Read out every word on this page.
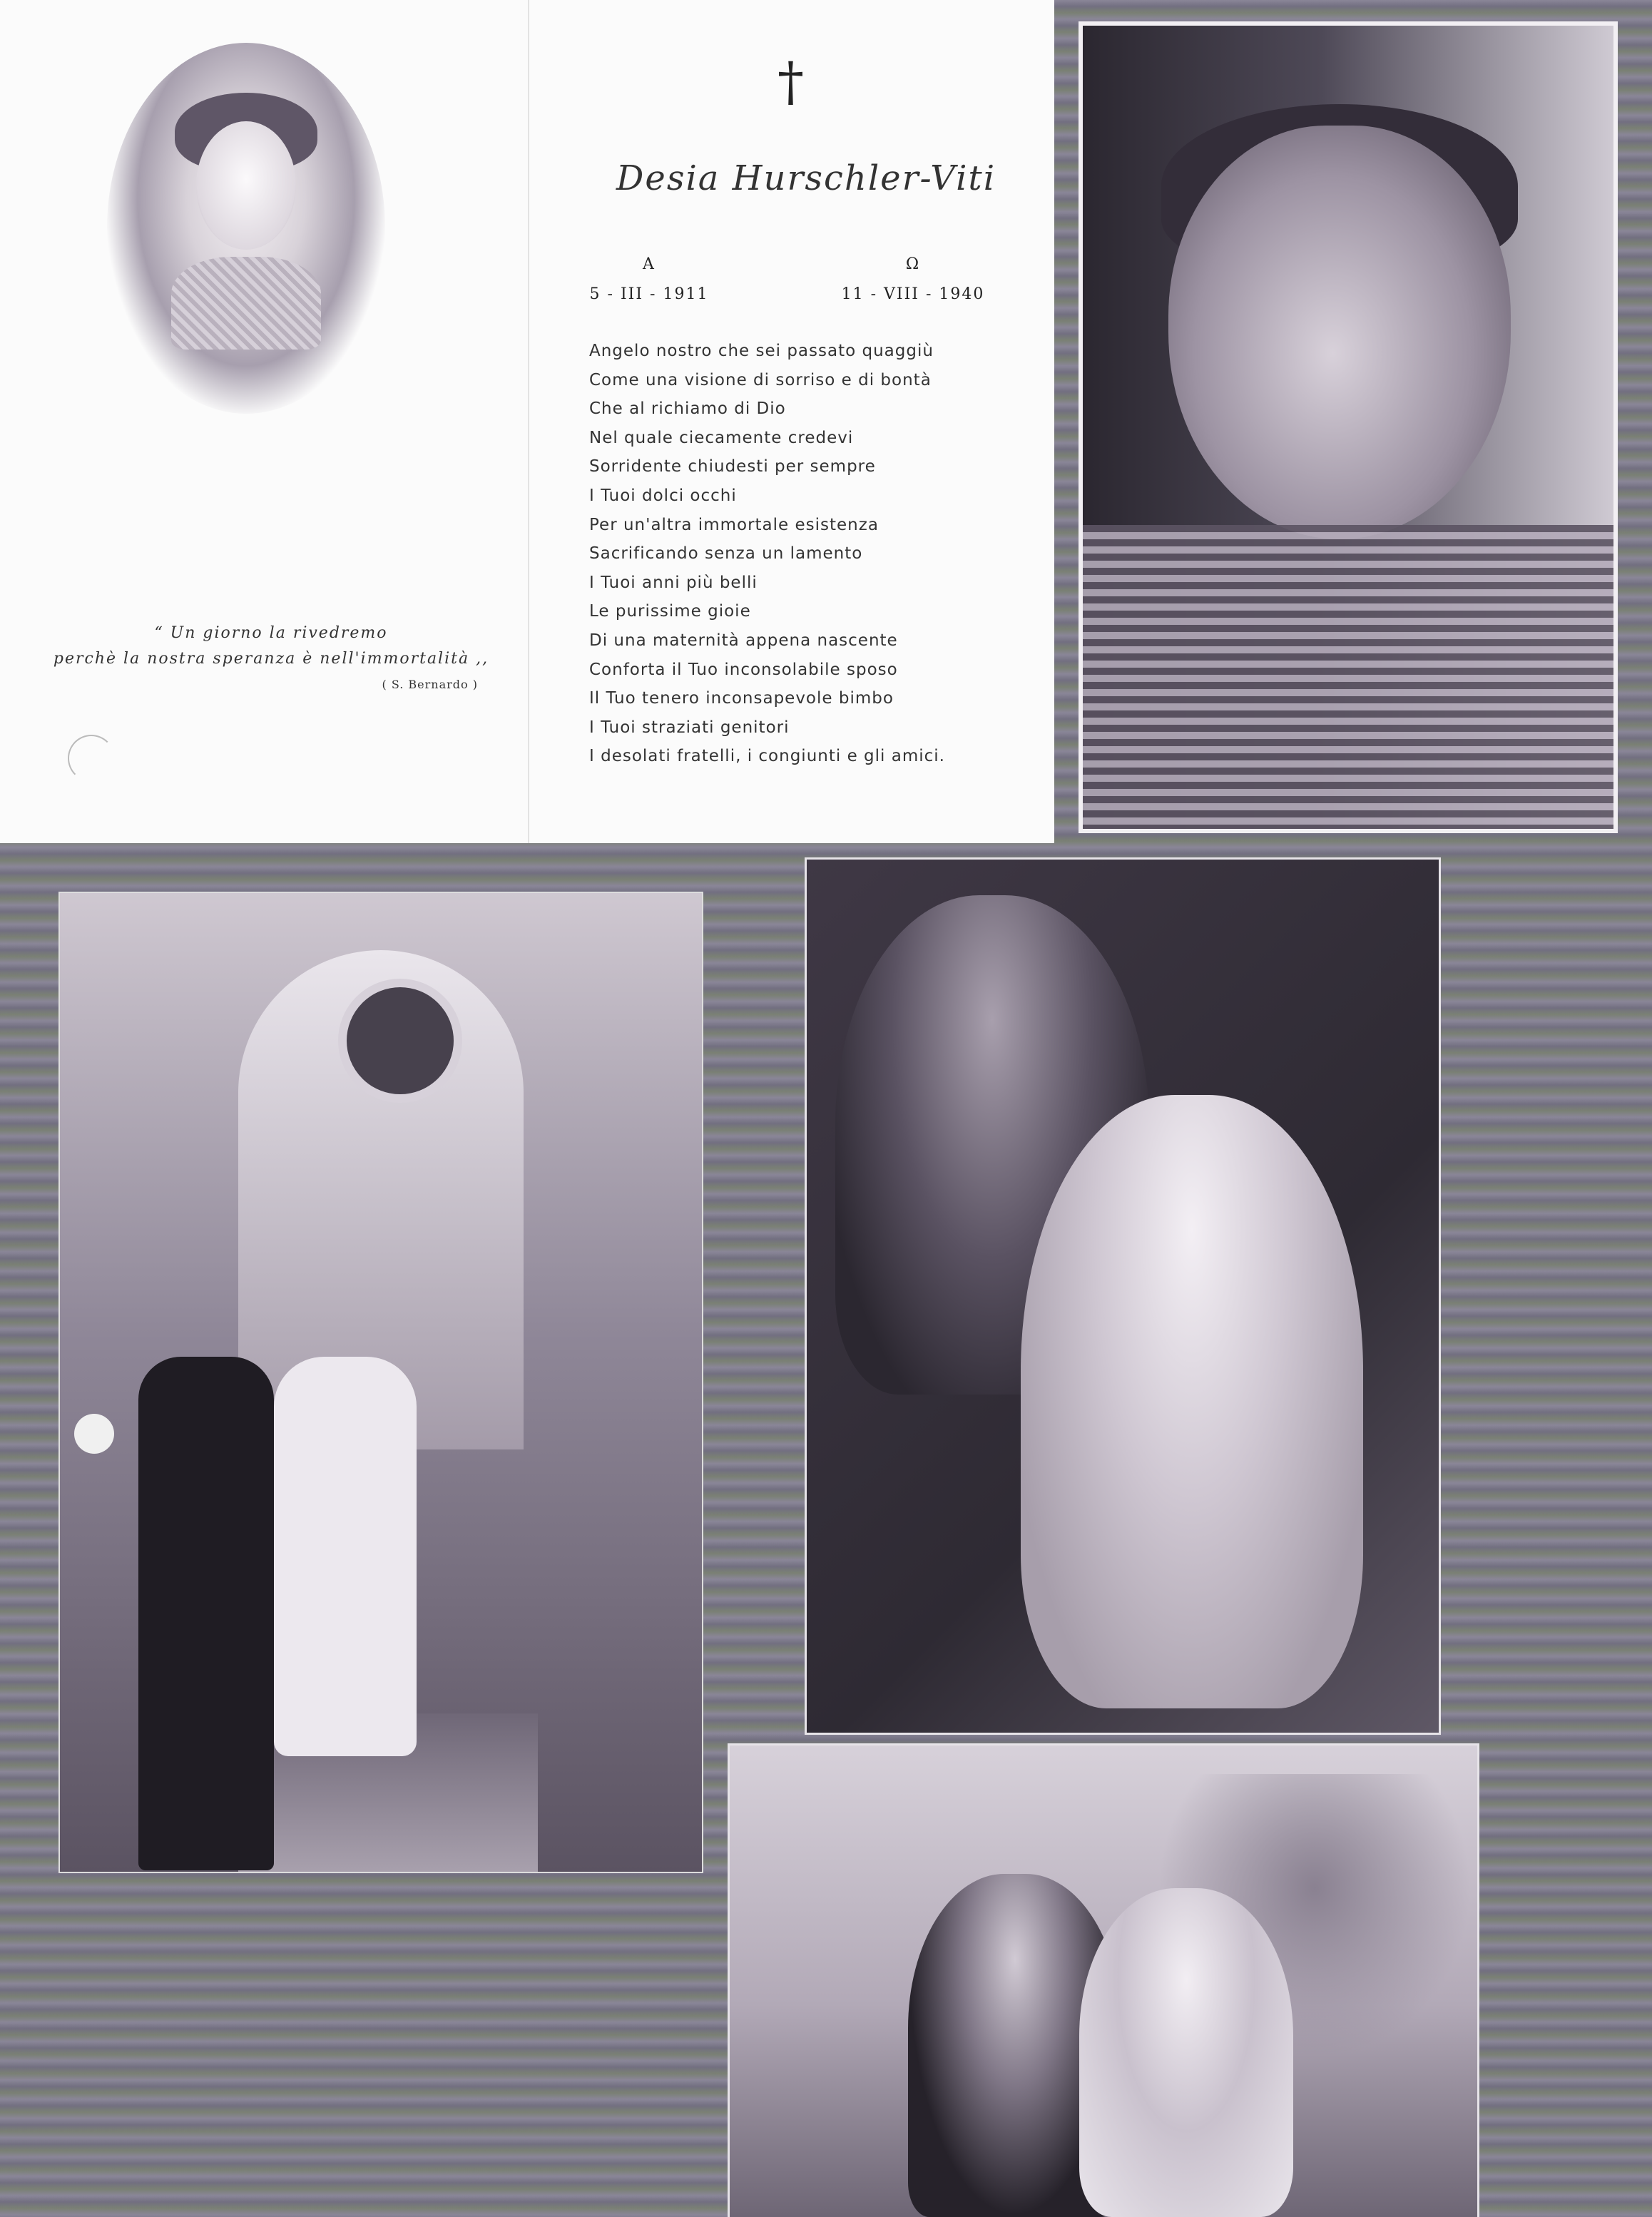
“ Un giorno la rivedremo
perchè la nostra speranza è nell'immortalità ,,
( S. Bernardo )
†
Desia Hurschler-Viti
A
5 - III - 1911
Ω
11 - VIII - 1940
Angelo nostro che sei passato quaggiù
Come una visione di sorriso e di bontà
Che al richiamo di Dio
Nel quale ciecamente credevi
Sorridente chiudesti per sempre
I Tuoi dolci occhi
Per un'altra immortale esistenza
Sacrificando senza un lamento
I Tuoi anni più belli
Le purissime gioie
Di una maternità appena nascente
Conforta il Tuo inconsolabile sposo
Il Tuo tenero inconsapevole bimbo
I Tuoi straziati genitori
I desolati fratelli, i congiunti e gli amici.
